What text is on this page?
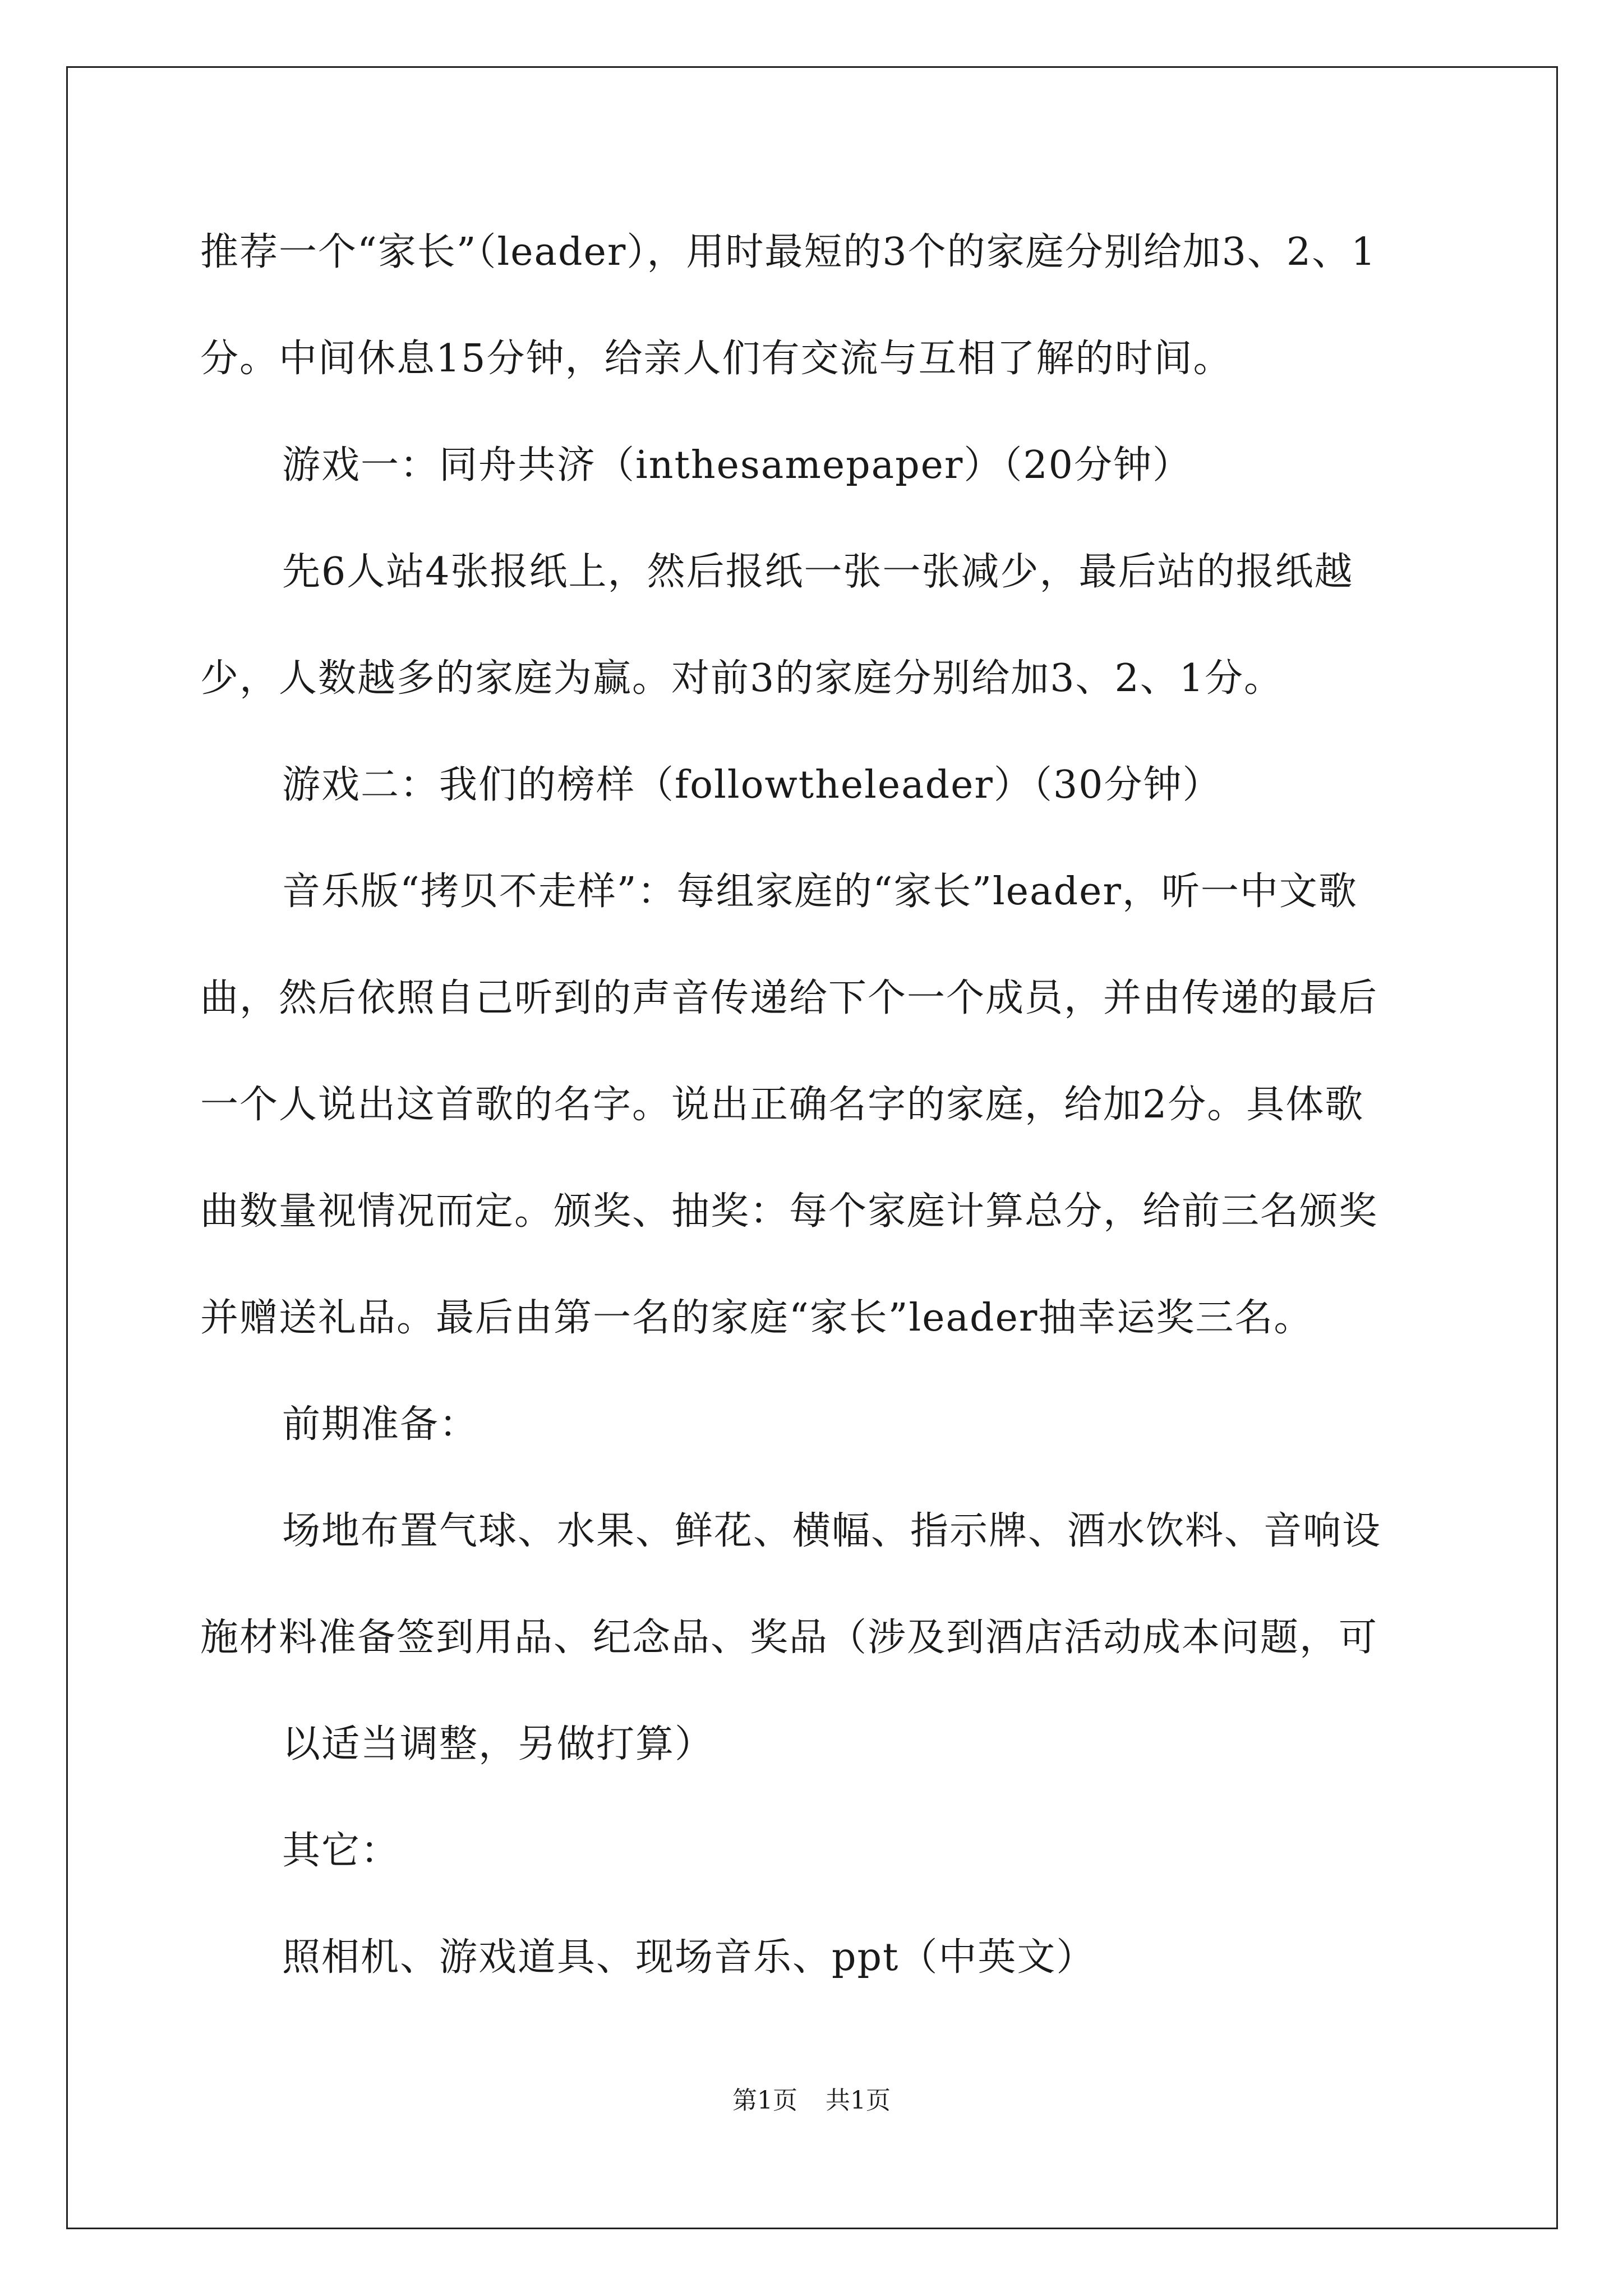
推荐一个“家长”（leader），用时最短的3个的家庭分别给加3、2、1
分。中间休息15分钟，给亲人们有交流与互相了解的时间。
游戏一：同舟共济（inthesamepaper）（20分钟）
先6人站4张报纸上，然后报纸一张一张减少，最后站的报纸越
少，人数越多的家庭为赢。对前3的家庭分别给加3、2、1分。
游戏二：我们的榜样（followtheleader）（30分钟）
音乐版“拷贝不走样”：每组家庭的“家长”leader，听一中文歌
曲，然后依照自己听到的声音传递给下个一个成员，并由传递的最后
一个人说出这首歌的名字。说出正确名字的家庭，给加2分。具体歌
曲数量视情况而定。颁奖、抽奖：每个家庭计算总分，给前三名颁奖
并赠送礼品。最后由第一名的家庭“家长”leader抽幸运奖三名。
前期准备：
场地布置气球、水果、鲜花、横幅、指示牌、酒水饮料、音响设
施材料准备签到用品、纪念品、奖品（涉及到酒店活动成本问题，可
以适当调整，另做打算）
其它：
照相机、游戏道具、现场音乐、ppt（中英文）
第1页 共1页
